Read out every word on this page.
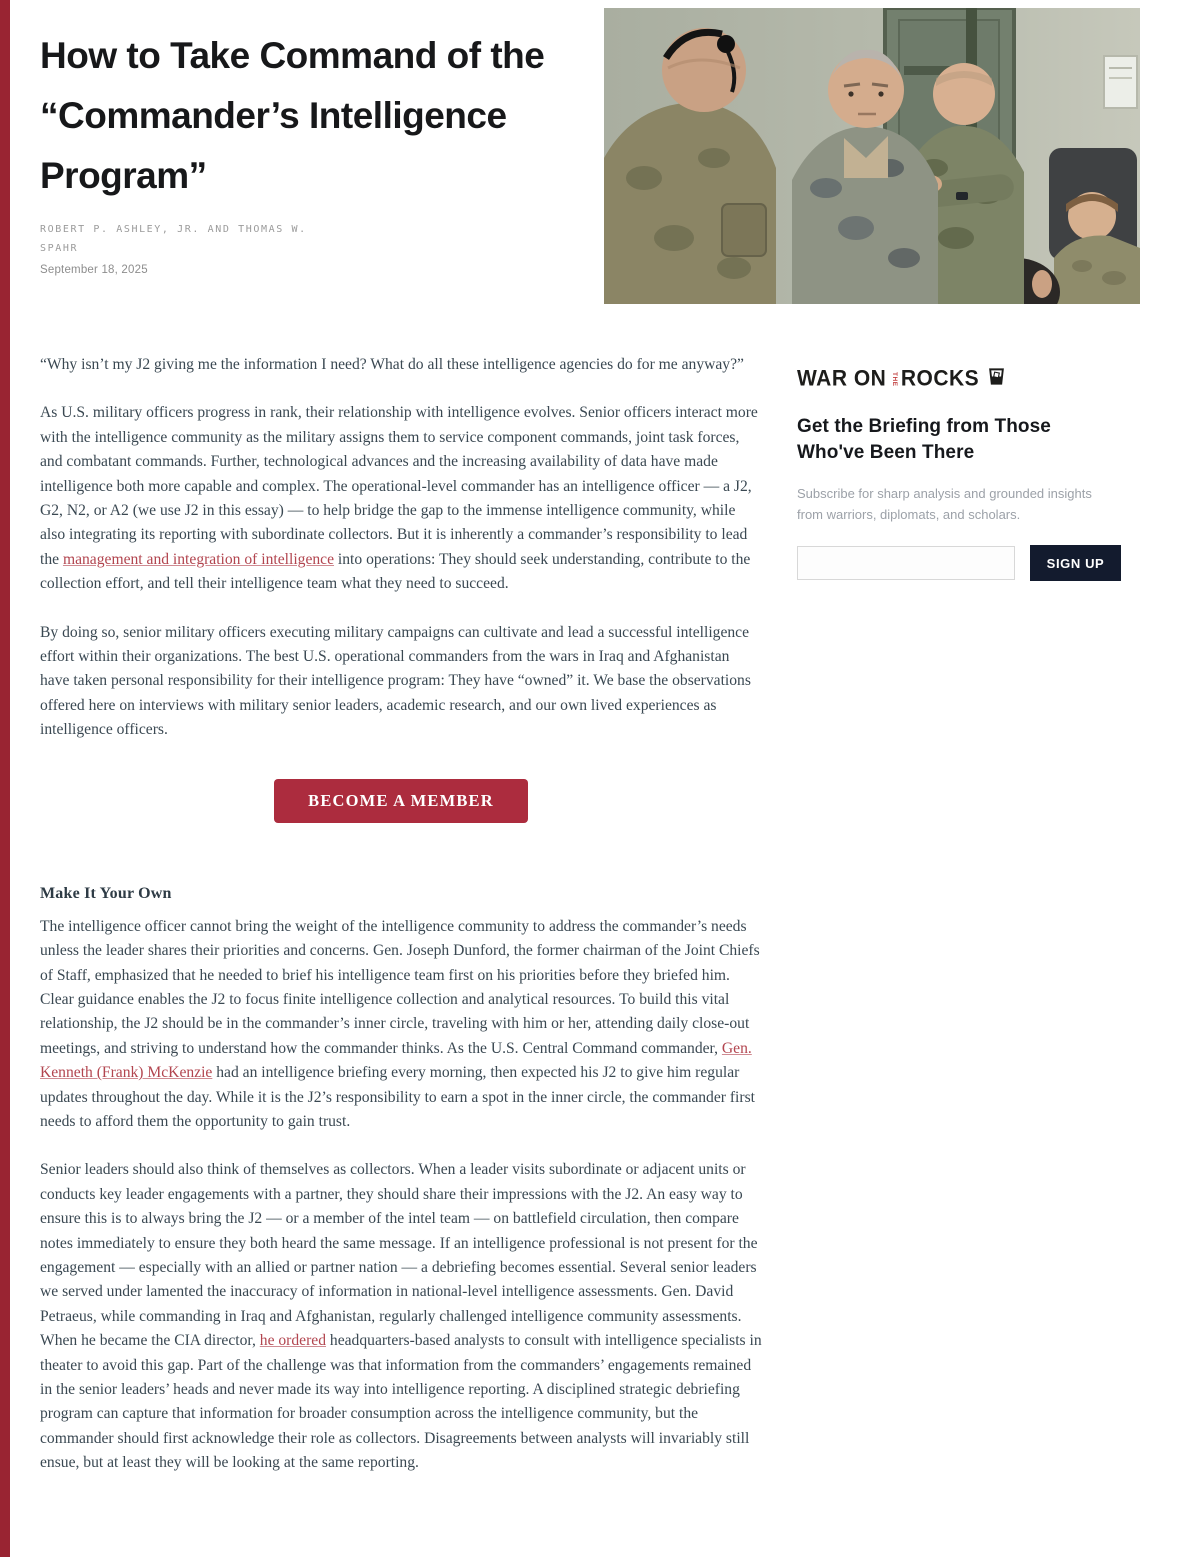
How to Take Command of the “Commander’s Intelligence Program”
ROBERT P. ASHLEY, JR. AND THOMAS W. SPAHR
September 18, 2025

“Why isn’t my J2 giving me the information I need? What do all these intelligence agencies do for me anyway?”

As U.S. military officers progress in rank, their relationship with intelligence evolves. Senior officers interact more with the intelligence community as the military assigns them to service component commands, joint task forces, and combatant commands. Further, technological advances and the increasing availability of data have made intelligence both more capable and complex. The operational-level commander has an intelligence officer — a J2, G2, N2, or A2 (we use J2 in this essay) — to help bridge the gap to the immense intelligence community, while also integrating its reporting with subordinate collectors. But it is inherently a commander’s responsibility to lead the management and integration of intelligence into operations: They should seek understanding, contribute to the collection effort, and tell their intelligence team what they need to succeed.

By doing so, senior military officers executing military campaigns can cultivate and lead a successful intelligence effort within their organizations. The best U.S. operational commanders from the wars in Iraq and Afghanistan have taken personal responsibility for their intelligence program: They have “owned” it. We base the observations offered here on interviews with military senior leaders, academic research, and our own lived experiences as intelligence officers.

BECOME A MEMBER
Make It Your Own

The intelligence officer cannot bring the weight of the intelligence community to address the commander’s needs unless the leader shares their priorities and concerns. Gen. Joseph Dunford, the former chairman of the Joint Chiefs of Staff, emphasized that he needed to brief his intelligence team first on his priorities before they briefed him. Clear guidance enables the J2 to focus finite intelligence collection and analytical resources. To build this vital relationship, the J2 should be in the commander’s inner circle, traveling with him or her, attending daily close-out meetings, and striving to understand how the commander thinks. As the U.S. Central Command commander, Gen. Kenneth (Frank) McKenzie had an intelligence briefing every morning, then expected his J2 to give him regular updates throughout the day. While it is the J2’s responsibility to earn a spot in the inner circle, the commander first needs to afford them the opportunity to gain trust.

Senior leaders should also think of themselves as collectors. When a leader visits subordinate or adjacent units or conducts key leader engagements with a partner, they should share their impressions with the J2. An easy way to ensure this is to always bring the J2 — or a member of the intel team — on battlefield circulation, then compare notes immediately to ensure they both heard the same message. If an intelligence professional is not present for the engagement — especially with an allied or partner nation — a debriefing becomes essential. Several senior leaders we served under lamented the inaccuracy of information in national-level intelligence assessments. Gen. David Petraeus, while commanding in Iraq and Afghanistan, regularly challenged intelligence community assessments. When he became the CIA director, he ordered headquarters-based analysts to consult with intelligence specialists in theater to avoid this gap. Part of the challenge was that information from the commanders’ engagements remained in the senior leaders’ heads and never made its way into intelligence reporting. A disciplined strategic debriefing program can capture that information for broader consumption across the intelligence community, but the commander should first acknowledge their role as collectors. Disagreements between analysts will invariably still ensue, but at least they will be looking at the same reporting.

WAR ON THE ROCKS
Get the Briefing from Those Who've Been There
Subscribe for sharp analysis and grounded insights from warriors, diplomats, and scholars.
SIGN UP
